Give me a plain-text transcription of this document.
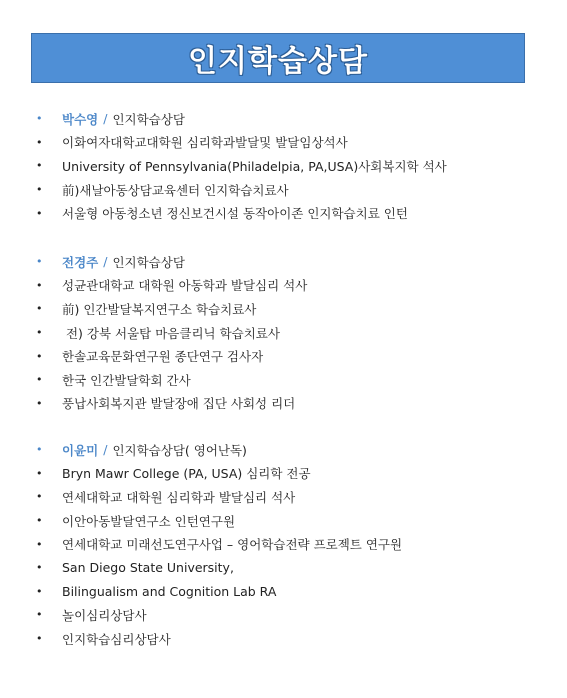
인지학습상담
•	박수영 / 인지학습상담
•	이화여자대학교대학원 심리학과발달및 발달임상석사
•	University of Pennsylvania(Philadelpia, PA,USA)사회복지학 석사
•	前)새날아동상담교육센터 인지학습치료사
•	서울형 아동청소년 정신보건시설 동작아이존 인지학습치료 인턴
•	전경주 / 인지학습상담
•	성균관대학교 대학원 아동학과 발달심리 석사
•	前) 인간발달복지연구소 학습치료사
•	전) 강북 서울탑 마음클리닉 학습치료사
•	한솔교육문화연구원 종단연구 검사자
•	한국 인간발달학회 간사
•	풍납사회복지관 발달장애 집단 사회성 리더
•	이윤미 / 인지학습상담( 영어난독)
•	Bryn Mawr College (PA, USA) 심리학 전공
•	연세대학교 대학원 심리학과 발달심리 석사
•	이안아동발달연구소 인턴연구원
•	연세대학교 미래선도연구사업 – 영어학습전략 프로젝트 연구원
•	San Diego State University,
•	Bilingualism and Cognition Lab RA
•	놀이심리상담사
•	인지학습심리상담사
